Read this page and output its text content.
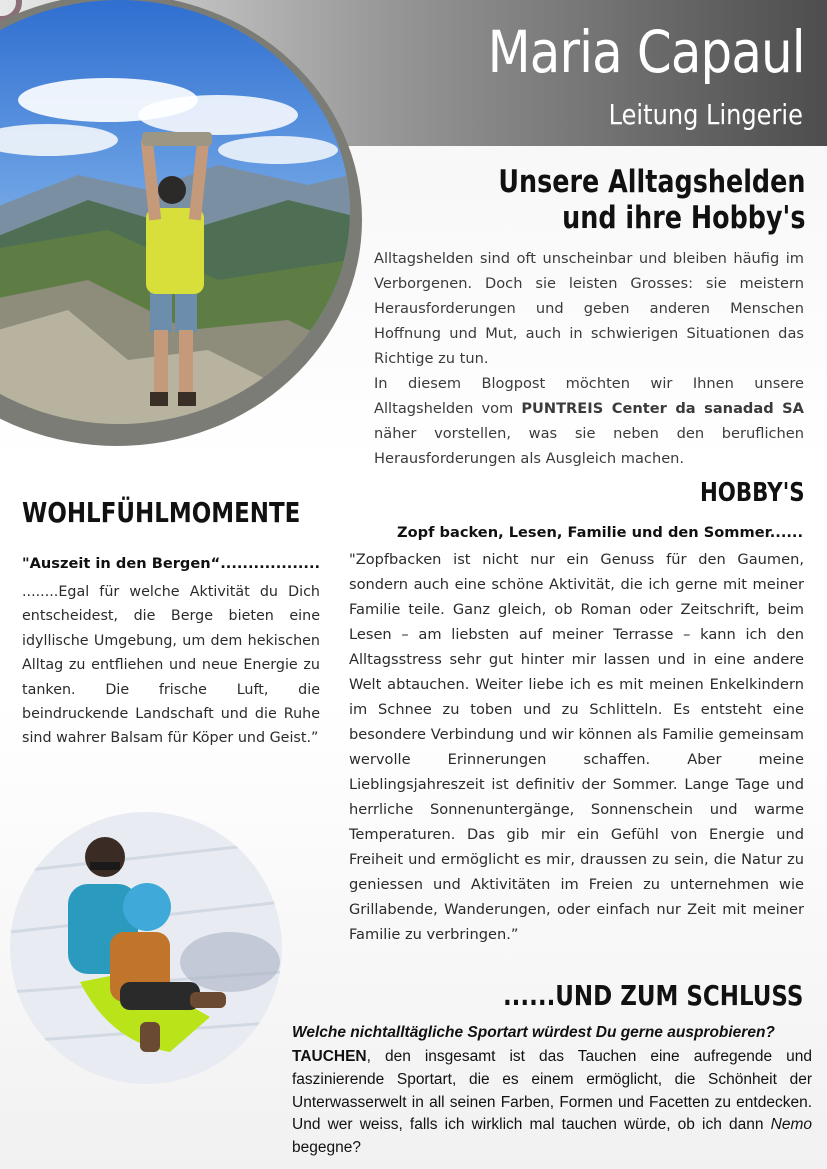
Maria Capaul
Leitung Lingerie
Unsere Alltagshelden
und ihre Hobby's

Alltagshelden sind oft unscheinbar und bleiben häufig im Verborgenen. Doch sie leisten Grosses: sie meistern Herausforderungen und geben anderen Menschen Hoffnung und Mut, auch in schwierigen Situationen das Richtige zu tun.

In diesem Blogpost möchten wir Ihnen unsere Alltagshelden vom PUNTREIS Center da sanadad SA näher vorstellen, was sie neben den beruflichen Herausforderungen als Ausgleich machen.

HOBBY'S
WOHLFÜHLMOMENTE
"Auszeit in den Bergen“..................
........Egal für welche Aktivität du Dich entscheidest, die Berge bieten eine idyllische Umgebung, um dem hekischen Alltag zu entfliehen und neue Energie zu tanken. Die frische Luft, die beindruckende Landschaft und die Ruhe sind wahrer Balsam für Köper und Geist.”
Zopf backen, Lesen, Familie und den Sommer......
"Zopfbacken ist nicht nur ein Genuss für den Gaumen, sondern auch eine schöne Aktivität, die ich gerne mit meiner Familie teile. Ganz gleich, ob Roman oder Zeitschrift, beim Lesen – am liebsten auf meiner Terrasse – kann ich den Alltagsstress sehr gut hinter mir lassen und in eine andere Welt abtauchen. Weiter liebe ich es mit meinen Enkelkindern im Schnee zu toben und zu Schlitteln. Es entsteht eine besondere Verbindung und wir können als Familie gemeinsam wervolle Erinnerungen schaffen. Aber meine Lieblingsjahreszeit ist definitiv der Sommer. Lange Tage und herrliche Sonnenuntergänge, Sonnenschein und warme Temperaturen. Das gib mir ein Gefühl von Energie und Freiheit und ermöglicht es mir, draussen zu sein, die Natur zu geniessen und Aktivitäten im Freien zu unternehmen wie Grillabende, Wanderungen, oder einfach nur Zeit mit meiner Familie zu verbringen.”
......UND ZUM SCHLUSS
Welche nichtalltägliche Sportart würdest Du gerne ausprobieren?
TAUCHEN, den insgesamt ist das Tauchen eine aufregende und faszinierende Sportart, die es einem ermöglicht, die Schönheit der Unterwasserwelt in all seinen Farben, Formen und Facetten zu entdecken. Und wer weiss, falls ich wirklich mal tauchen würde, ob ich dann Nemo begegne?
